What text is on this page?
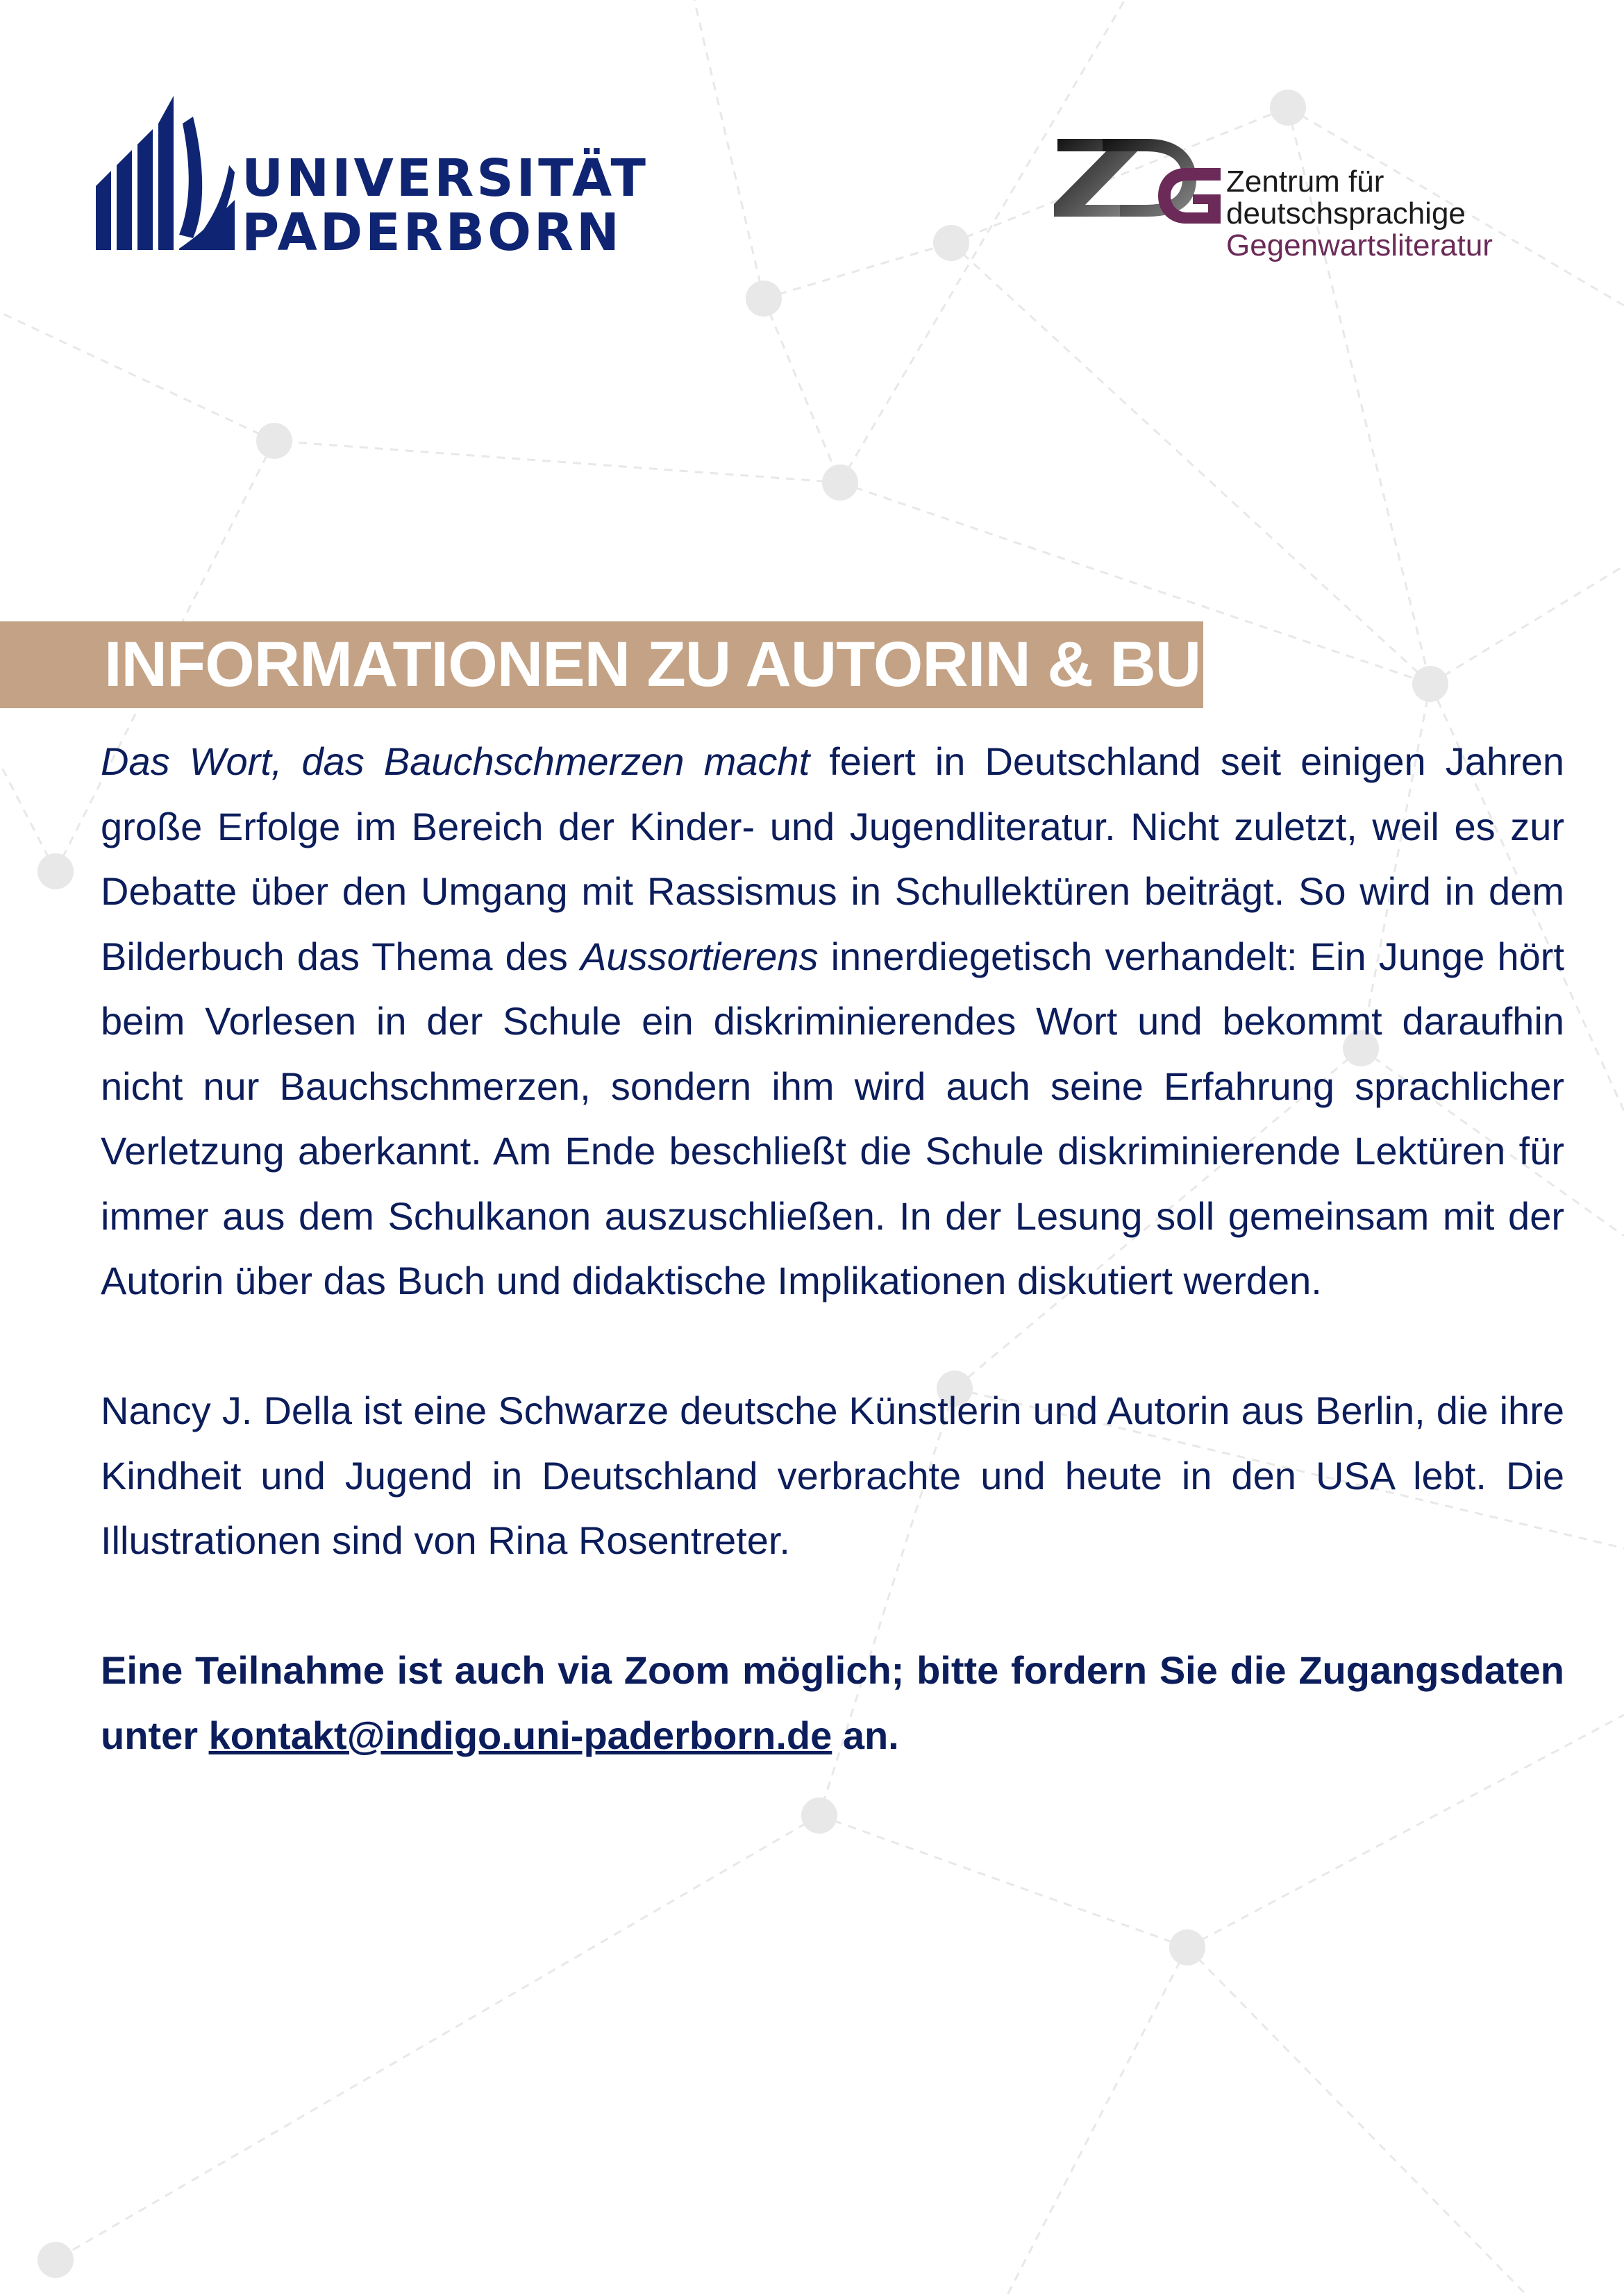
UNIVERSITÄT
PADERBORN
Zentrum für
deutschsprachige
Gegenwartsliteratur
INFORMATIONEN ZU AUTORIN & BUCH

Das Wort, das Bauchschmerzen macht feiert in Deutschland seit einigen Jahren große Erfolge im Bereich der Kinder- und Jugendliteratur. Nicht zuletzt, weil es zur Debatte über den Umgang mit Rassismus in Schullektüren beiträgt. So wird in dem Bilderbuch das Thema des Aussortierens innerdiegetisch verhandelt: Ein Junge hört beim Vorlesen in der Schule ein diskriminierendes Wort und bekommt daraufhin nicht nur Bauchschmerzen, sondern ihm wird auch seine Erfahrung sprachlicher Verletzung aberkannt. Am Ende beschließt die Schule diskriminierende Lektüren für immer aus dem Schulkanon auszuschließen. In der Lesung soll gemeinsam mit der Autorin über das Buch und didaktische Implikationen diskutiert werden.

Nancy J. Della ist eine Schwarze deutsche Künstlerin und Autorin aus Berlin, die ihre Kindheit und Jugend in Deutschland verbrachte und heute in den USA lebt. Die Illustrationen sind von Rina Rosentreter.

Eine Teilnahme ist auch via Zoom möglich; bitte fordern Sie die Zugangsdaten unter kontakt@indigo.uni-paderborn.de an.
